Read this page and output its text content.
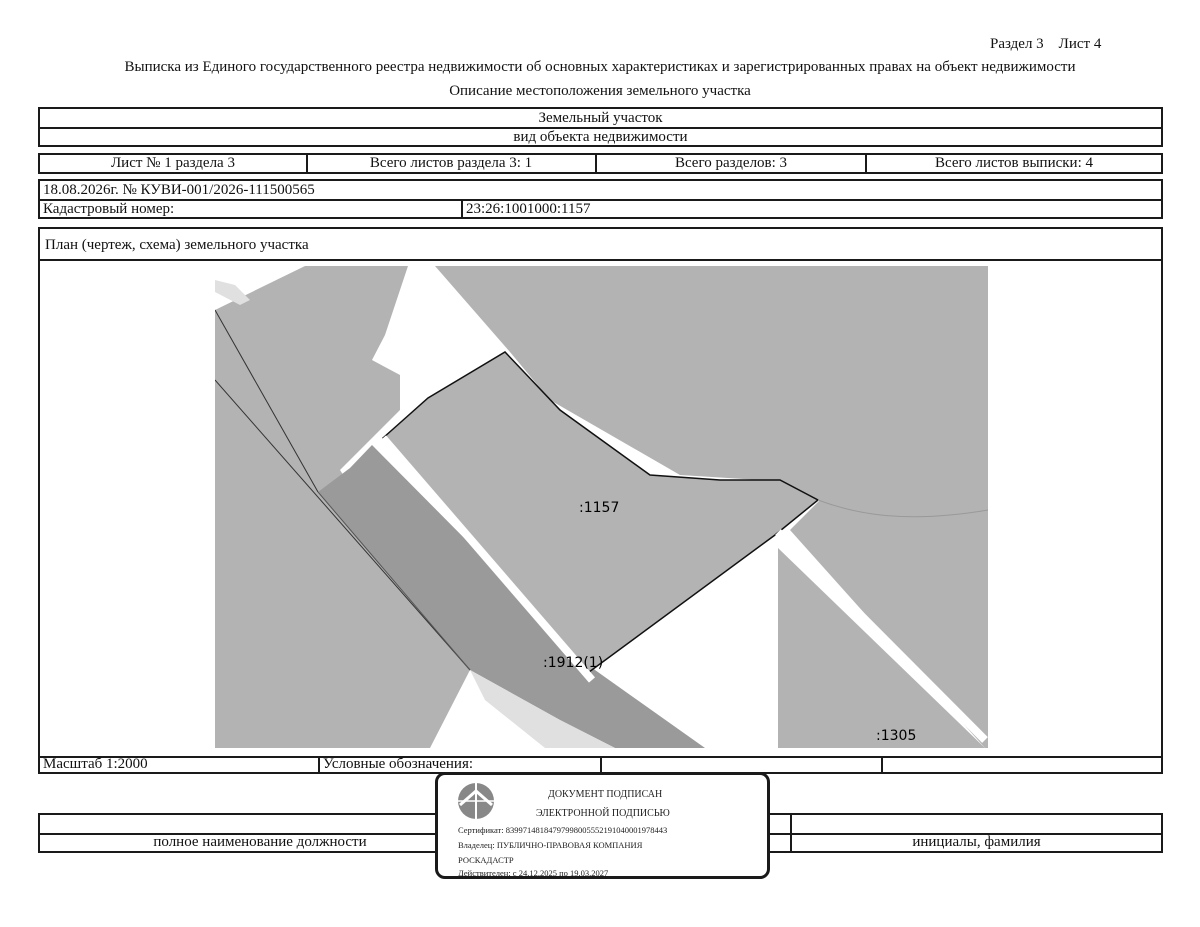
Раздел 3    Лист 4
Выписка из Единого государственного реестра недвижимости об основных характеристиках и зарегистрированных правах на объект недвижимости
Описание местоположения земельного участка
Земельный участок
вид объекта недвижимости
Лист № 1 раздела 3	Всего листов раздела 3: 1	Всего разделов: 3	Всего листов выписки: 4
18.08.2026г. № КУВИ-001/2026-111500565
Кадастровый номер:	23:26:1001000:1157
План (чертеж, схема) земельного участка
Масштаб 1:2000	Условные обозначения:
:1157
:1912(1)
:1305
полное наименование должности	инициалы, фамилия
ДОКУМЕНТ ПОДПИСАН
ЭЛЕКТРОННОЙ ПОДПИСЬЮ
Сертификат: 8399714818479799800555219104000197844З
Владелец: ПУБЛИЧНО-ПРАВОВАЯ КОМПАНИЯ
РОСКАДАСТР
Действителен: с 24.12.2025 по 19.03.2027
